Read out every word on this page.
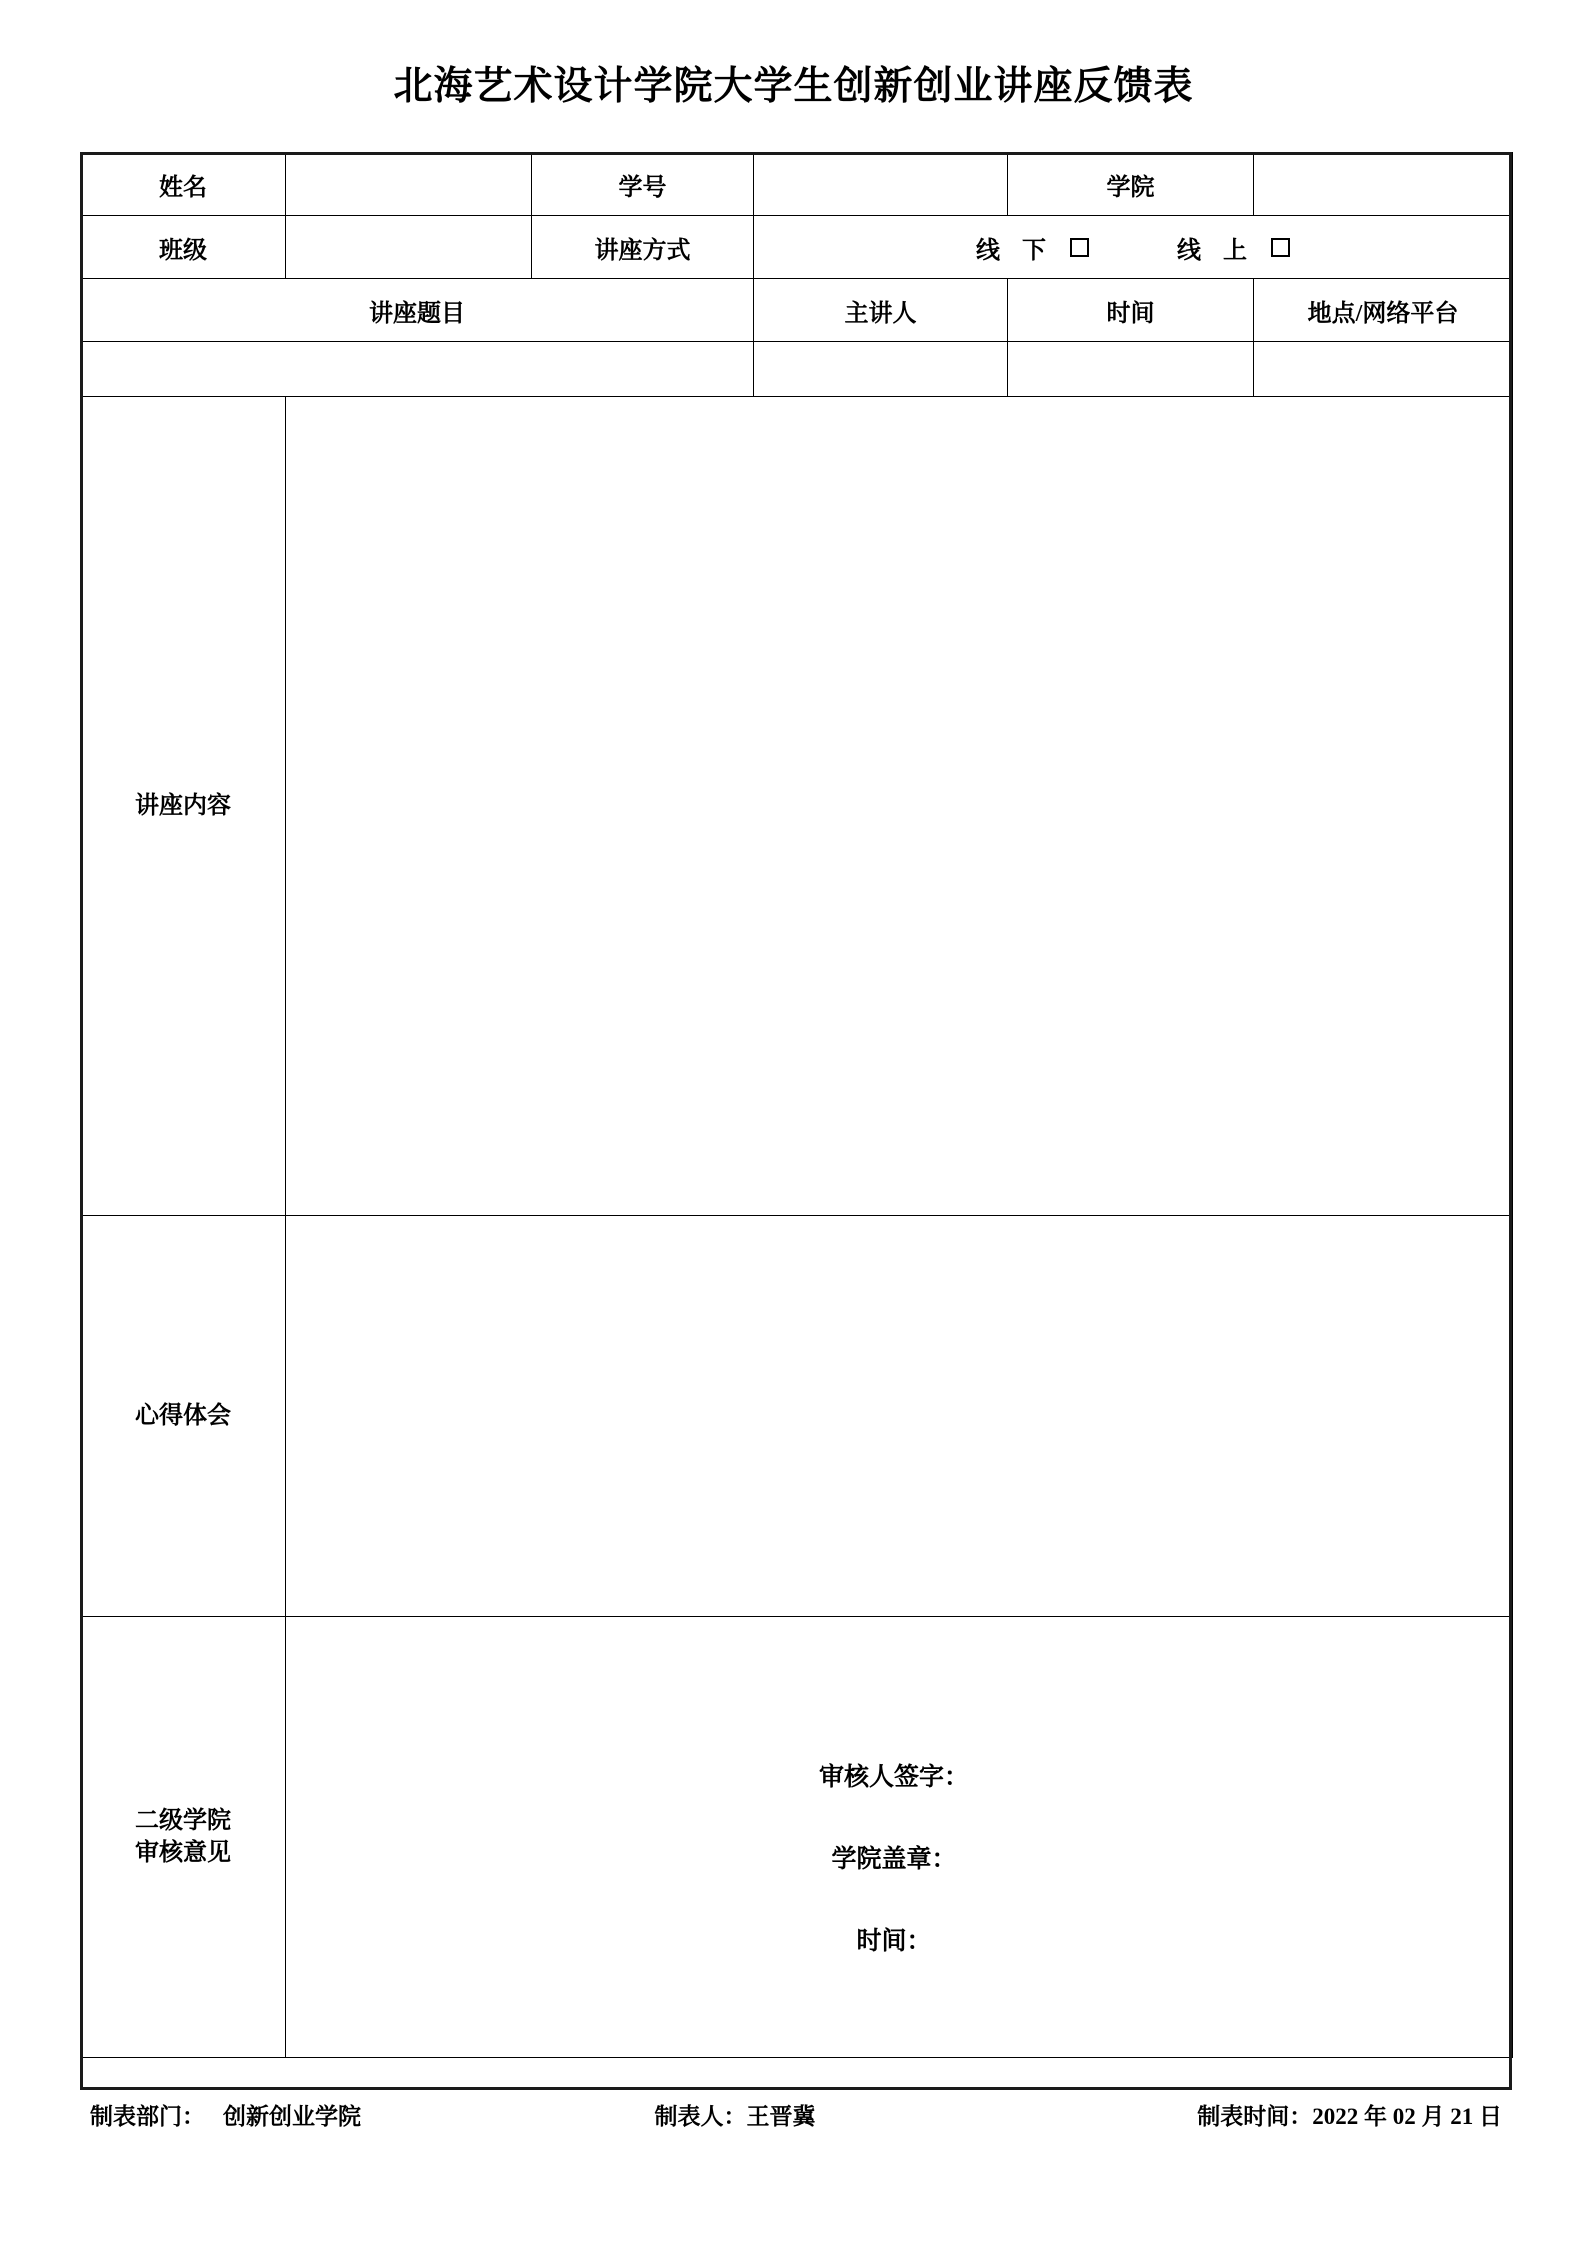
北海艺术设计学院大学生创新创业讲座反馈表
姓名		学号		学院	
班级		讲座方式	线 下 线 上		

讲座题目			主讲人	时间	地点/网络平台

讲座内容					
心得体会					

二级学院
审核意见

审核人签字：
学院盖章：
时间：
制表部门： 创新创业学院	制表人：王晋冀	制表时间：2022 年 02 月 21 日
